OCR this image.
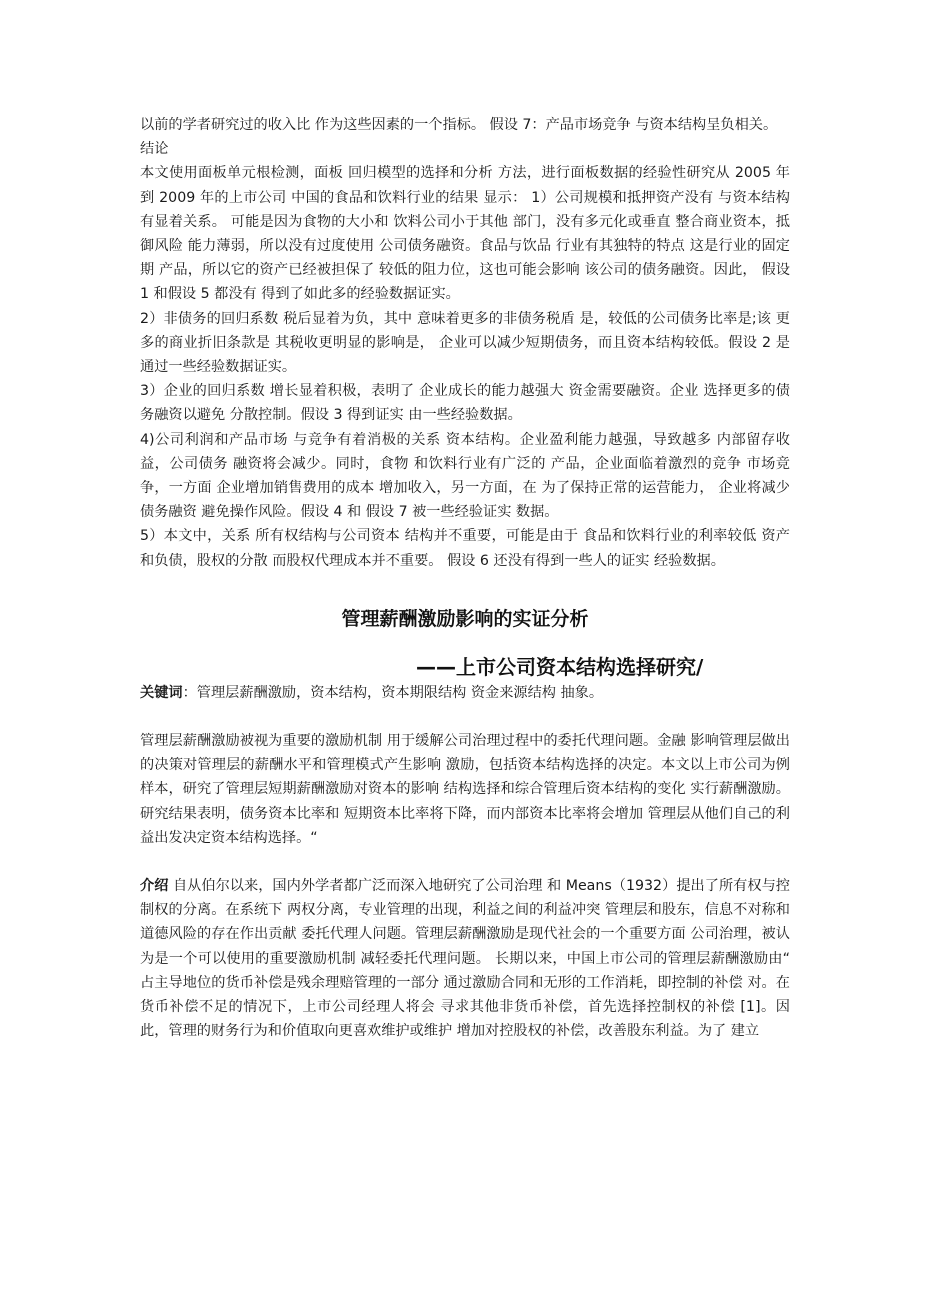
以前的学者研究过的收入比 作为这些因素的一个指标。 假设 7：产品市场竞争 与资本结构呈负相关。

结论

本文使用面板单元根检测，面板 回归模型的选择和分析 方法，进行面板数据的经验性研究从 2005 年到 2009 年的上市公司 中国的食品和饮料行业的结果 显示： 1）公司规模和抵押资产没有 与资本结构有显着关系。 可能是因为食物的大小和 饮料公司小于其他 部门，没有多元化或垂直 整合商业资本，抵御风险 能力薄弱，所以没有过度使用 公司债务融资。食品与饮品 行业有其独特的特点 这是行业的固定期 产品，所以它的资产已经被担保了 较低的阻力位，这也可能会影响 该公司的债务融资。因此， 假设 1 和假设 5 都没有 得到了如此多的经验数据证实。

2）非债务的回归系数 税后显着为负，其中 意味着更多的非债务税盾 是，较低的公司债务比率是;该 更多的商业折旧条款是 其税收更明显的影响是， 企业可以减少短期债务，而且资本结构较低。假设 2 是 通过一些经验数据证实。

3）企业的回归系数 增长显着积极，表明了 企业成长的能力越强大 资金需要融资。企业 选择更多的债务融资以避免 分散控制。假设 3 得到证实 由一些经验数据。

4)公司利润和产品市场 与竞争有着消极的关系 资本结构。企业盈利能力越强，导致越多 内部留存收益，公司债务 融资将会减少。同时，食物 和饮料行业有广泛的 产品，企业面临着激烈的竞争 市场竞争，一方面 企业增加销售费用的成本 增加收入，另一方面，在 为了保持正常的运营能力， 企业将减少债务融资 避免操作风险。假设 4 和 假设 7 被一些经验证实 数据。

5）本文中，关系 所有权结构与公司资本 结构并不重要，可能是由于 食品和饮料行业的利率较低 资产和负债，股权的分散 而股权代理成本并不重要。 假设 6 还没有得到一些人的证实 经验数据。

管理薪酬激励影响的实证分析
——上市公司资本结构选择研究/

关键词：管理层薪酬激励，资本结构，资本期限结构 资金来源结构 抽象。

管理层薪酬激励被视为重要的激励机制 用于缓解公司治理过程中的委托代理问题。金融 影响管理层做出的决策对管理层的薪酬水平和管理模式产生影响 激励，包括资本结构选择的决定。本文以上市公司为例 样本，研究了管理层短期薪酬激励对资本的影响 结构选择和综合管理后资本结构的变化 实行薪酬激励。研究结果表明，债务资本比率和 短期资本比率将下降，而内部资本比率将会增加 管理层从他们自己的利益出发决定资本结构选择。“

介绍 自从伯尔以来，国内外学者都广泛而深入地研究了公司治理 和 Means（1932）提出了所有权与控制权的分离。在系统下 两权分离，专业管理的出现，利益之间的利益冲突 管理层和股东，信息不对称和道德风险的存在作出贡献 委托代理人问题。管理层薪酬激励是现代社会的一个重要方面 公司治理，被认为是一个可以使用的重要激励机制 减轻委托代理问题。 长期以来，中国上市公司的管理层薪酬激励由“ 占主导地位的货币补偿是残余理赔管理的一部分 通过激励合同和无形的工作消耗，即控制的补偿 对。在货币补偿不足的情况下，上市公司经理人将会 寻求其他非货币补偿，首先选择控制权的补偿 [1]。因此，管理的财务行为和价值取向更喜欢维护或维护 增加对控股权的补偿，改善股东利益。为了 建立
